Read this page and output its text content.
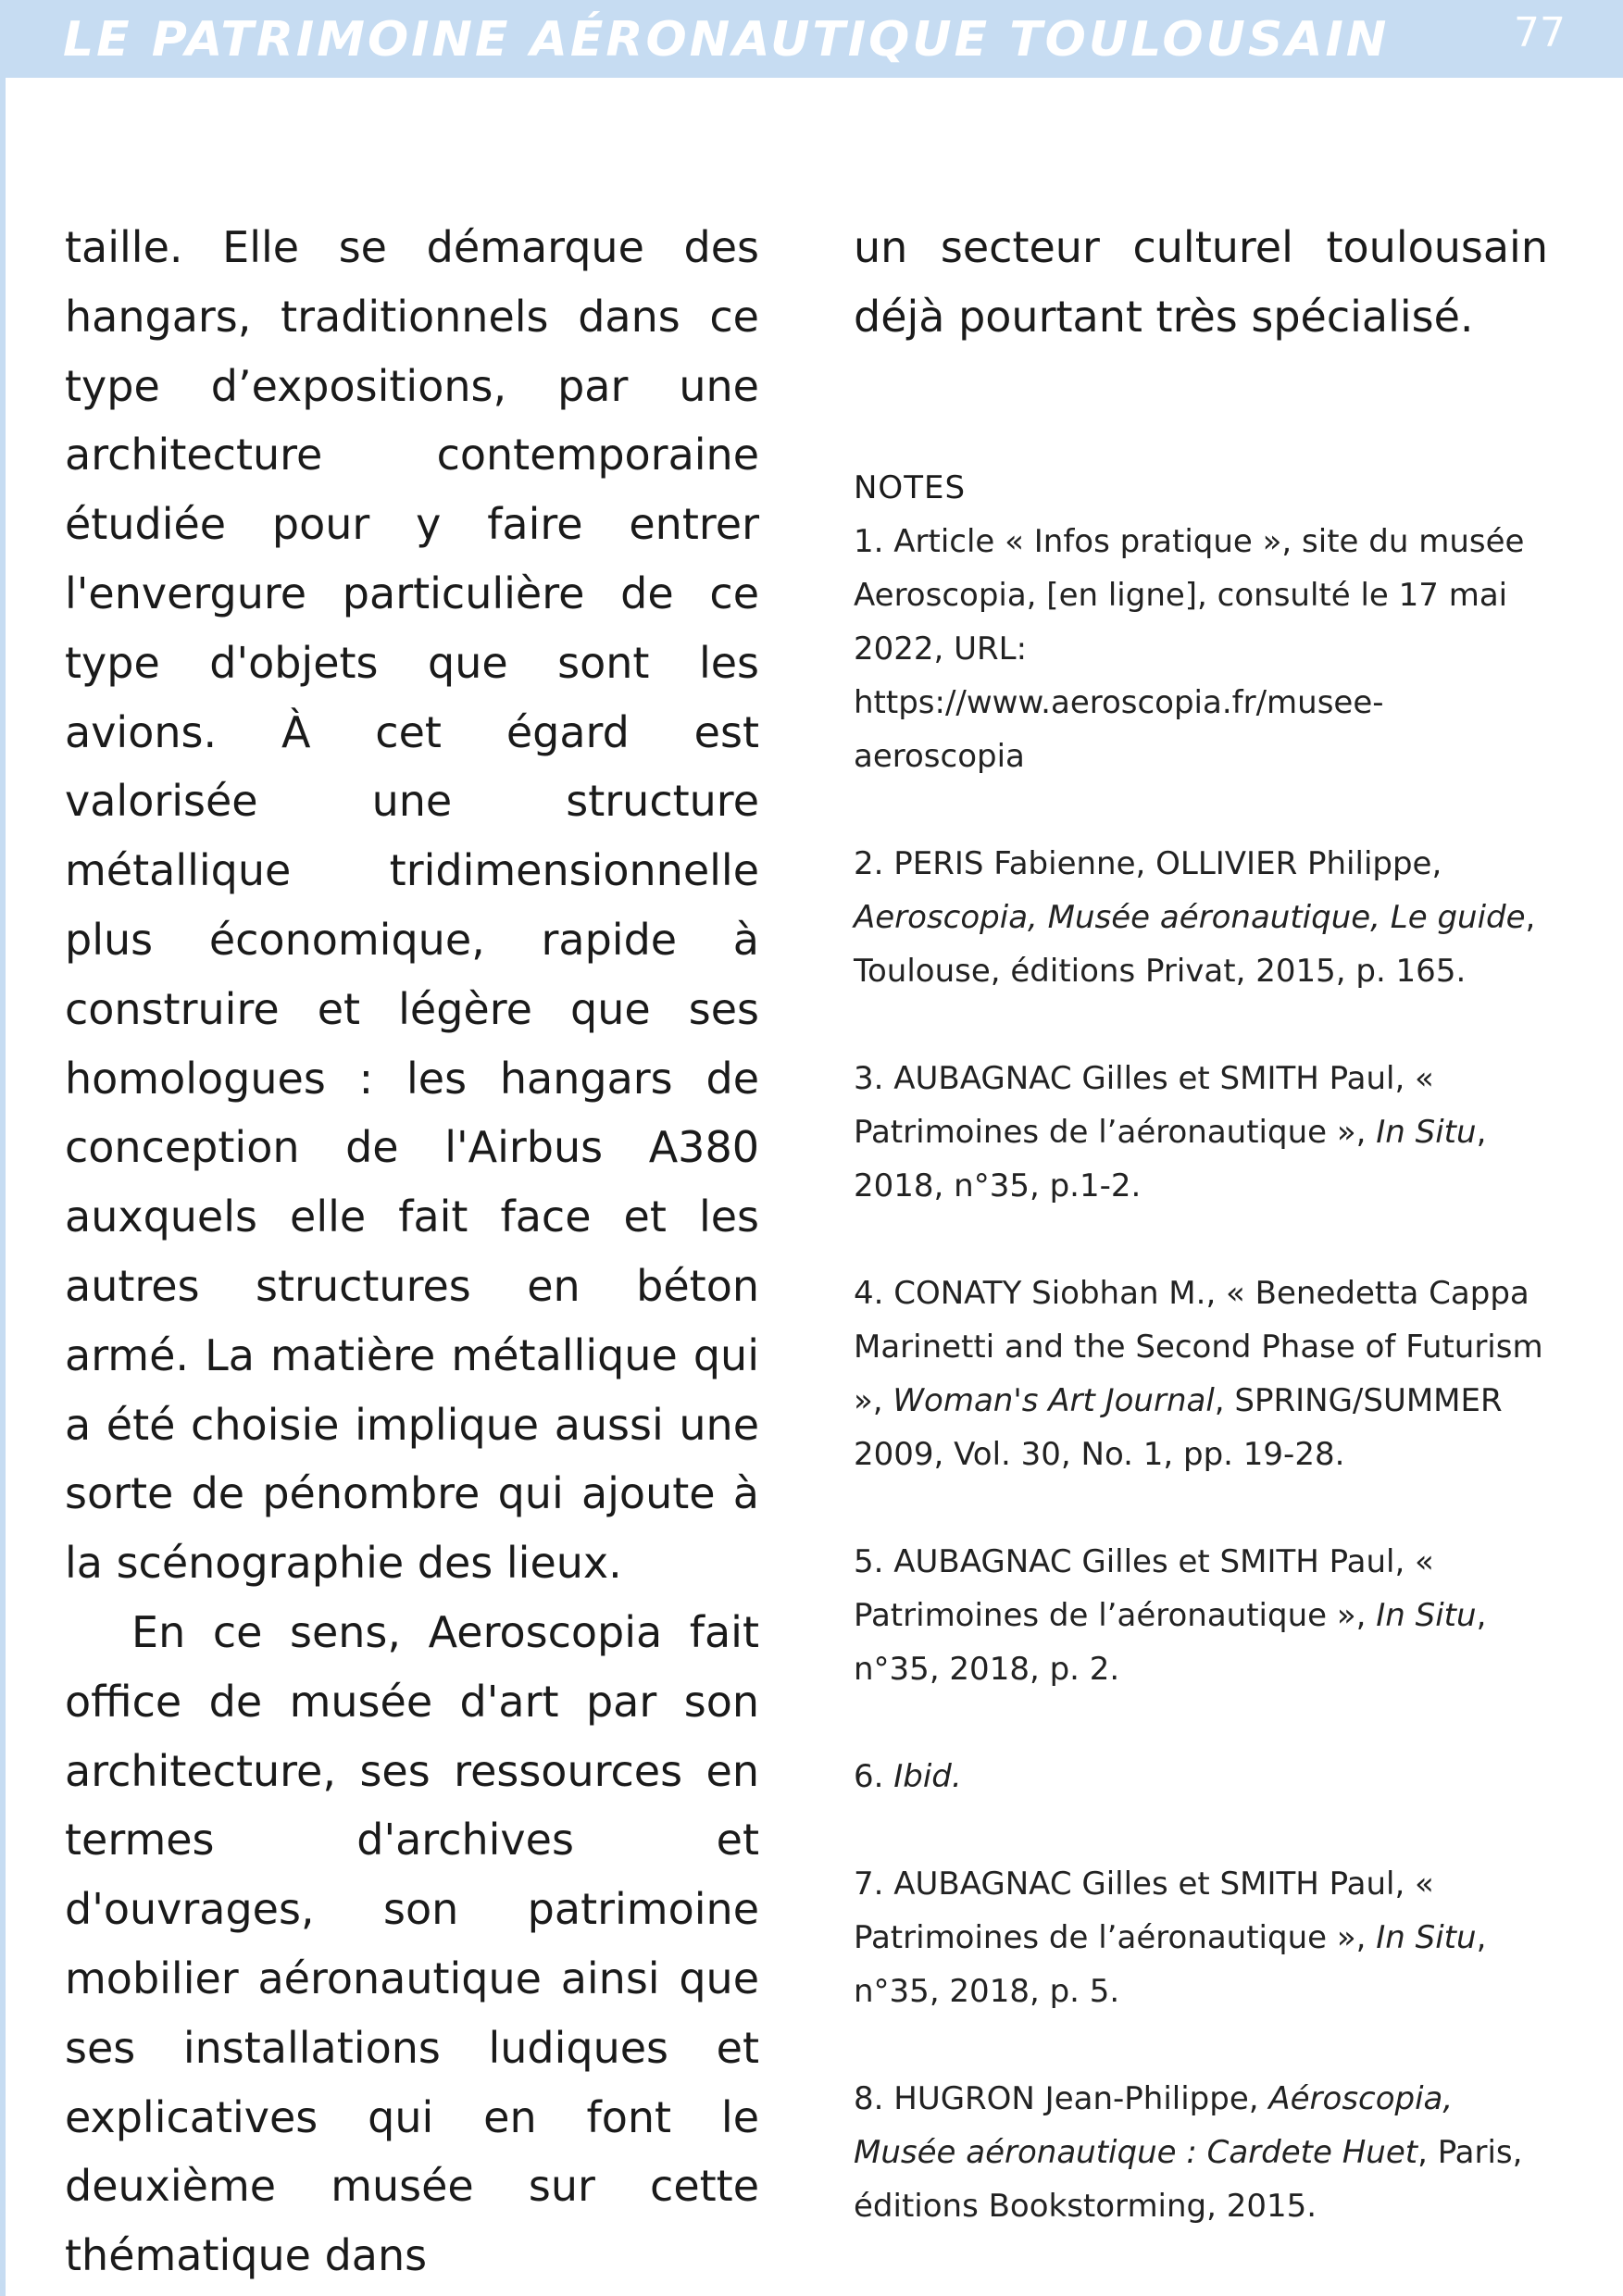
LE PATRIMOINE AÉRONAUTIQUE TOULOUSAIN	77

taille. Elle se démarque des hangars, traditionnels dans ce type d’expositions, par une architecture contemporaine étudiée pour y faire entrer l'envergure particulière de ce type d'objets que sont les avions. À cet égard est valorisée une structure métallique tridimensionnelle plus économique, rapide à construire et légère que ses homologues : les hangars de conception de l'Airbus A380 auxquels elle fait face et les autres structures en béton armé. La matière métallique qui a été choisie implique aussi une sorte de pénombre qui ajoute à la scénographie des lieux.

En ce sens, Aeroscopia fait office de musée d'art par son architecture, ses ressources en termes d'archives et d'ouvrages, son patrimoine mobilier aéronautique ainsi que ses installations ludiques et explicatives qui en font le deuxième musée sur cette thématique dans

un secteur culturel toulousain déjà pourtant très spécialisé.

NOTES

1. Article « Infos pratique », site du musée Aeroscopia, [en ligne], consulté le 17 mai 2022, URL: https://www.aeroscopia.fr/musee-aeroscopia

2. PERIS Fabienne, OLLIVIER Philippe, Aeroscopia, Musée aéronautique, Le guide, Toulouse, éditions Privat, 2015, p. 165.

3. AUBAGNAC Gilles et SMITH Paul, « Patrimoines de l’aéronautique », In Situ, 2018, n°35, p.1-2.

4. CONATY Siobhan M., « Benedetta Cappa Marinetti and the Second Phase of Futurism », Woman's Art Journal, SPRING/SUMMER 2009, Vol. 30, No. 1, pp. 19-28.

5. AUBAGNAC Gilles et SMITH Paul, « Patrimoines de l’aéronautique », In Situ, n°35, 2018, p. 2.

6. Ibid.

7. AUBAGNAC Gilles et SMITH Paul, « Patrimoines de l’aéronautique », In Situ, n°35, 2018, p. 5.

8. HUGRON Jean-Philippe, Aéroscopia, Musée aéronautique : Cardete Huet, Paris, éditions Bookstorming, 2015.
